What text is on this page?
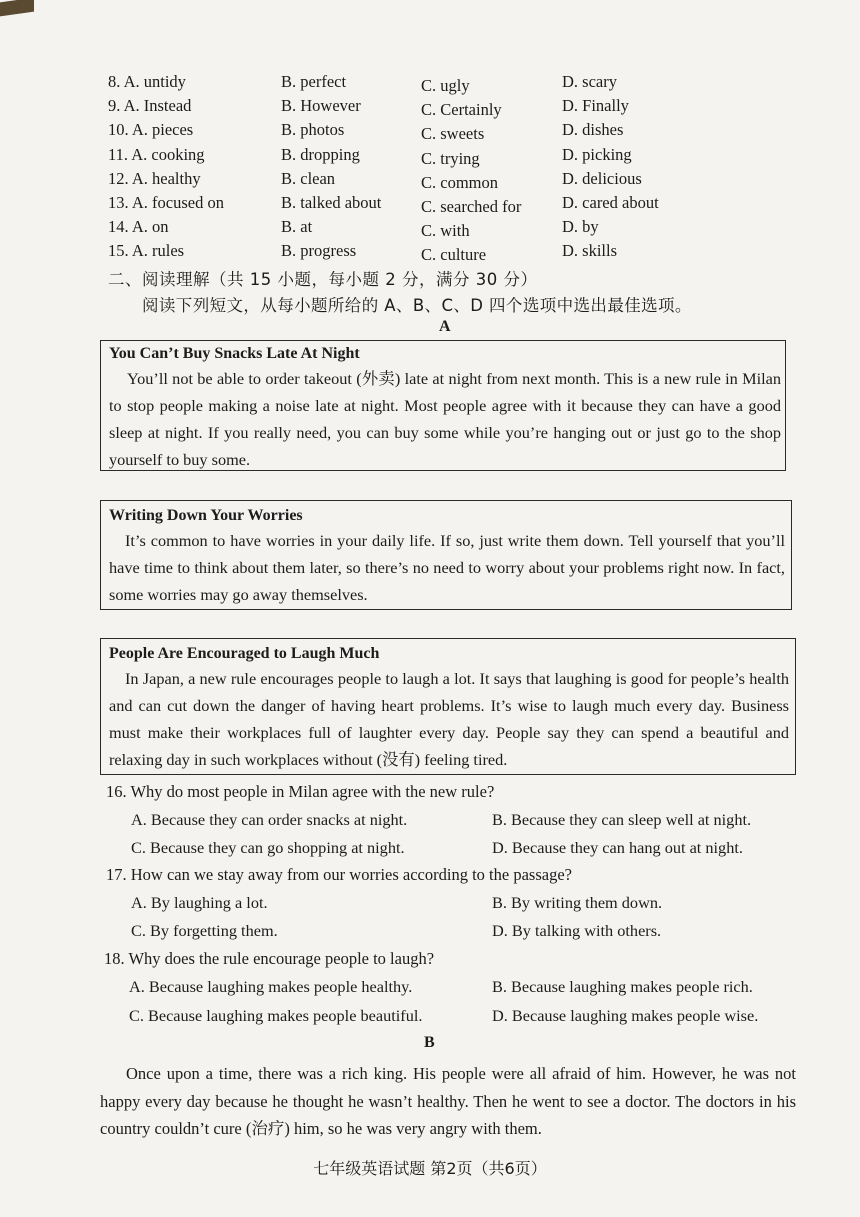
8. A. untidy	B. perfect	C. ugly	D. scary
9. A. Instead	B. However	C. Certainly	D. Finally
10. A. pieces	B. photos	C. sweets	D. dishes
11. A. cooking	B. dropping	C. trying	D. picking
12. A. healthy	B. clean	C. common	D. delicious
13. A. focused on	B. talked about C. searched for D. cared about
14. A. on	B. at	C. with	D. by
15. A. rules	B. progress	C. culture	D. skills
二、阅读理解（共 15 小题，每小题 2 分，满分 30 分）
阅读下列短文，从每小题所给的 A、B、C、D 四个选项中选出最佳选项。
A

You Can’t Buy Snacks Late At Night

You’ll not be able to order takeout (外卖) late at night from next month. This is a new rule in Milan to stop people making a noise late at night. Most people agree with it because they can have a good sleep at night. If you really need, you can buy some while you’re hanging out or just go to the shop yourself to buy some.

Writing Down Your Worries

It’s common to have worries in your daily life. If so, just write them down. Tell yourself that you’ll have time to think about them later, so there’s no need to worry about your problems right now. In fact, some worries may go away themselves.

People Are Encouraged to Laugh Much

In Japan, a new rule encourages people to laugh a lot. It says that laughing is good for people’s health and can cut down the danger of having heart problems. It’s wise to laugh much every day. Business must make their workplaces full of laughter every day. People say they can spend a beautiful and relaxing day in such workplaces without (没有) feeling tired.

16. Why do most people in Milan agree with the new rule?
A. Because they can order snacks at night.	B. Because they can sleep well at night.
C. Because they can go shopping at night.	D. Because they can hang out at night.
17. How can we stay away from our worries according to the passage?
A. By laughing a lot.	B. By writing them down.
C. By forgetting them.	D. By talking with others.
18. Why does the rule encourage people to laugh?
A. Because laughing makes people healthy.	B. Because laughing makes people rich.
C. Because laughing makes people beautiful.	D. Because laughing makes people wise.
B
Once upon a time, there was a rich king. His people were all afraid of him. However, he was not happy every day because he thought he wasn’t healthy. Then he went to see a doctor. The doctors in his country couldn’t cure (治疗) him, so he was very angry with them.
七年级英语试题 第2页（共6页）
